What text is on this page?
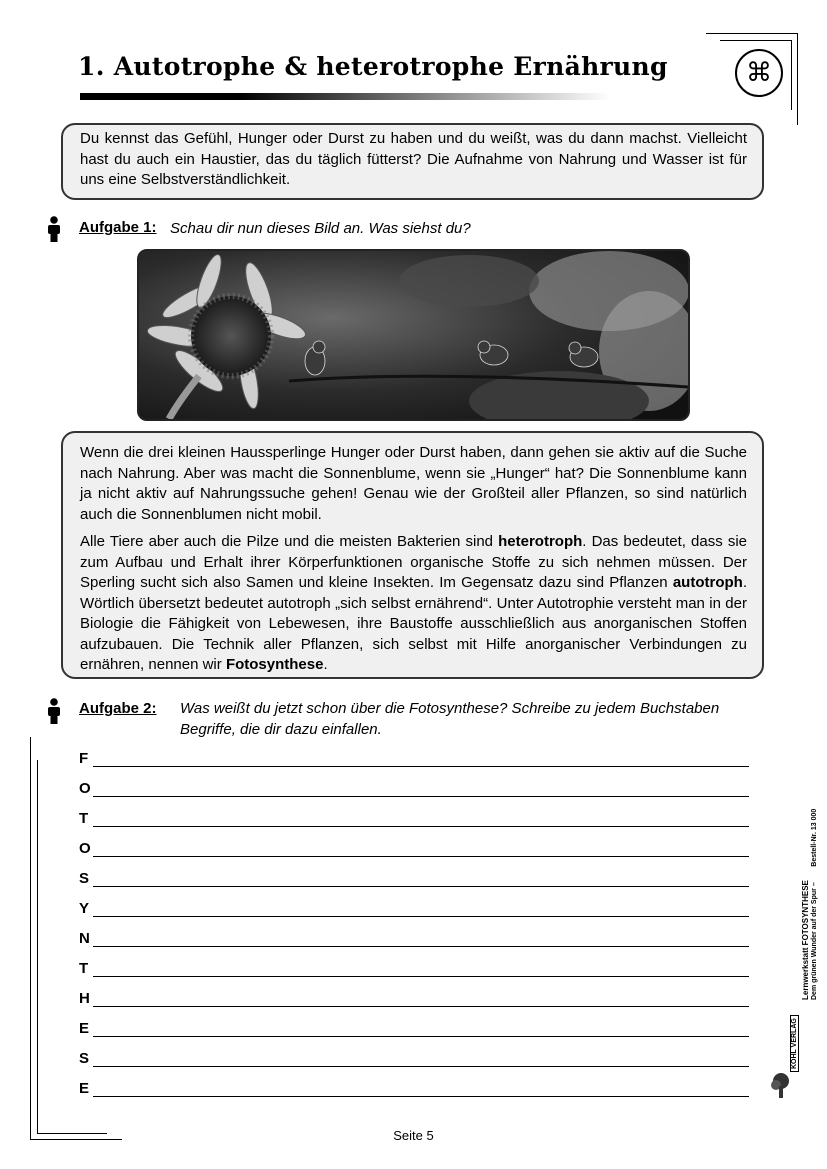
1. Autotrophe & heterotrophe Ernährung	⌘

Du kennst das Gefühl, Hunger oder Durst zu haben und du weißt, was du dann machst. Vielleicht hast du auch ein Haustier, das du täglich fütterst? Die Aufnahme von Nahrung und Wasser ist für uns eine Selbstverständlichkeit.

Aufgabe 1: Schau dir nun dieses Bild an. Was siehst du?

Wenn die drei kleinen Haussperlinge Hunger oder Durst haben, dann gehen sie aktiv auf die Suche nach Nahrung. Aber was macht die Sonnenblume, wenn sie „Hunger“ hat? Die Sonnenblume kann ja nicht aktiv auf Nahrungssuche gehen! Genau wie der Großteil aller Pflanzen, so sind natürlich auch die Sonnenblumen nicht mobil.

Alle Tiere aber auch die Pilze und die meisten Bakterien sind heterotroph. Das bedeutet, dass sie zum Aufbau und Erhalt ihrer Körperfunktionen organische Stoffe zu sich nehmen müssen. Der Sperling sucht sich also Samen und kleine Insekten. Im Gegensatz dazu sind Pflanzen autotroph. Wörtlich übersetzt bedeutet autotroph „sich selbst ernährend“. Unter Autotrophie versteht man in der Biologie die Fähigkeit von Lebewesen, ihre Baustoffe ausschließlich aus anorganischen Stoffen aufzubauen. Die Technik aller Pflanzen, sich selbst mit Hilfe anorganischer Verbindungen zu ernähren, nennen wir Fotosynthese.

Aufgabe 2: Was weißt du jetzt schon über die Fotosynthese? Schreibe zu jedem Buchstaben Begriffe, die dir dazu einfallen.
F
O
T
O
S
Y
N
T
H
E
S
E
Seite 5
Lernwerkstatt FOTOSYNTHESE Dem grünen Wunder auf der Spur –        Bestell-Nr. 13 000
KOHL VERLAG
